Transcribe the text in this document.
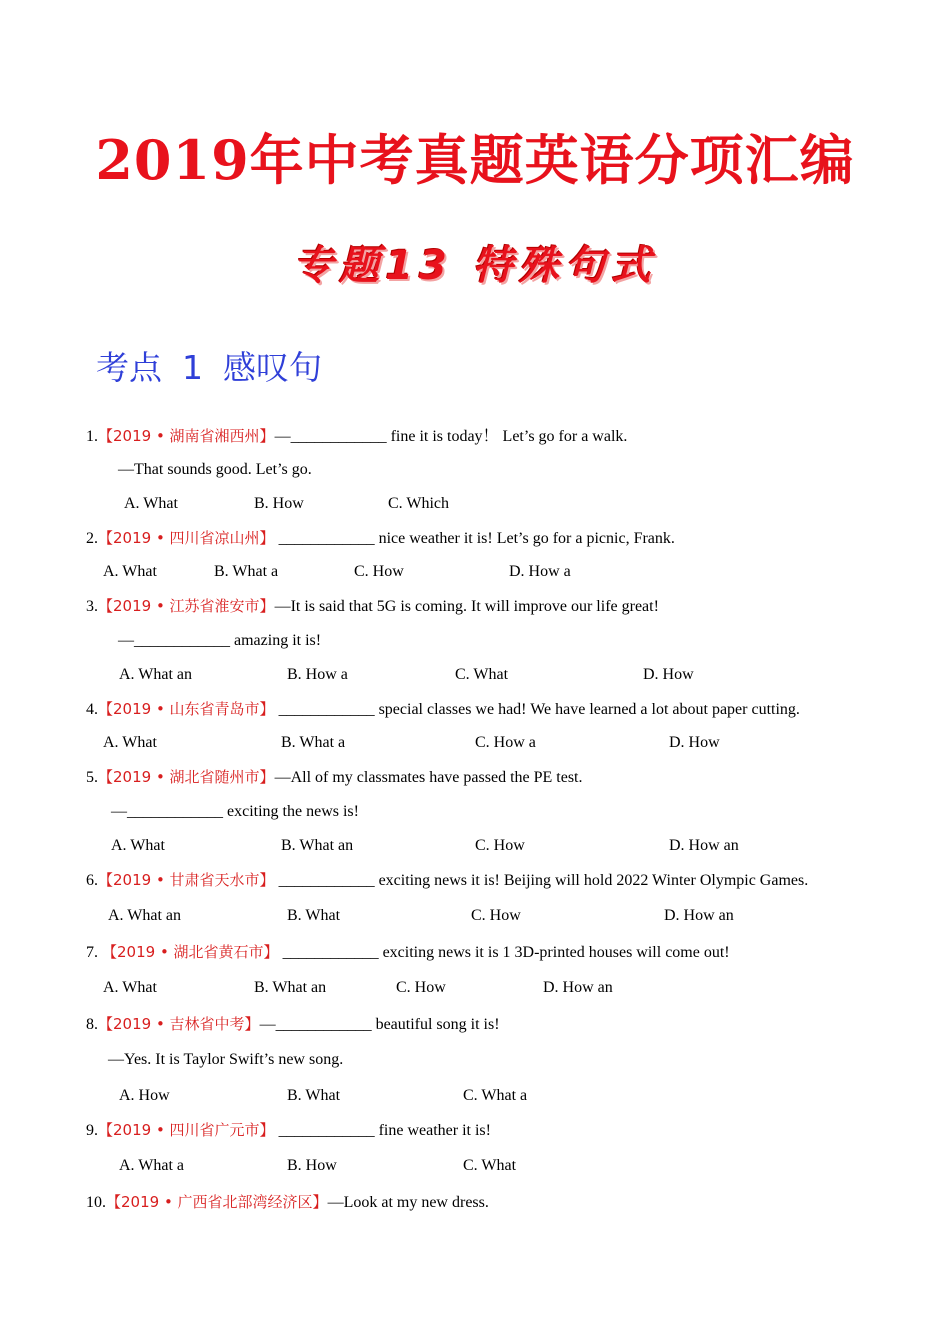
2019年中考真题英语分项汇编
专题13 特殊句式
考点 1 感叹句
1.【2019 • 湖南省湘西州】—____________ fine it is today！ Let’s go for a walk.
—That sounds good. Let’s go.
A. What	B. How	C. Which
2.【2019 • 四川省凉山州】 ____________ nice weather it is! Let’s go for a picnic, Frank.
A. What	B. What a	C. How	D. How a
3.【2019 • 江苏省淮安市】—It is said that 5G is coming. It will improve our life great!
—____________ amazing it is!
A. What an	B. How a	C. What	D. How
4.【2019 • 山东省青岛市】 ____________ special classes we had! We have learned a lot about paper cutting.
A. What	B. What a	C. How a	D. How
5.【2019 • 湖北省随州市】—All of my classmates have passed the PE test.
—____________ exciting the news is!
A. What	B. What an	C. How	D. How an
6.【2019 • 甘肃省天水市】 ____________ exciting news it is! Beijing will hold 2022 Winter Olympic Games.
A. What an	B. What	C. How	D. How an
7. 【2019 • 湖北省黄石市】 ____________ exciting news it is 1 3D-printed houses will come out!
A. What	B. What an	C. How	D. How an
8.【2019 • 吉林省中考】—____________ beautiful song it is!
—Yes. It is Taylor Swift’s new song.
A. How	B. What	C. What a
9.【2019 • 四川省广元市】 ____________ fine weather it is!
A. What a	B. How	C. What
10.【2019 • 广西省北部湾经济区】—Look at my new dress.
